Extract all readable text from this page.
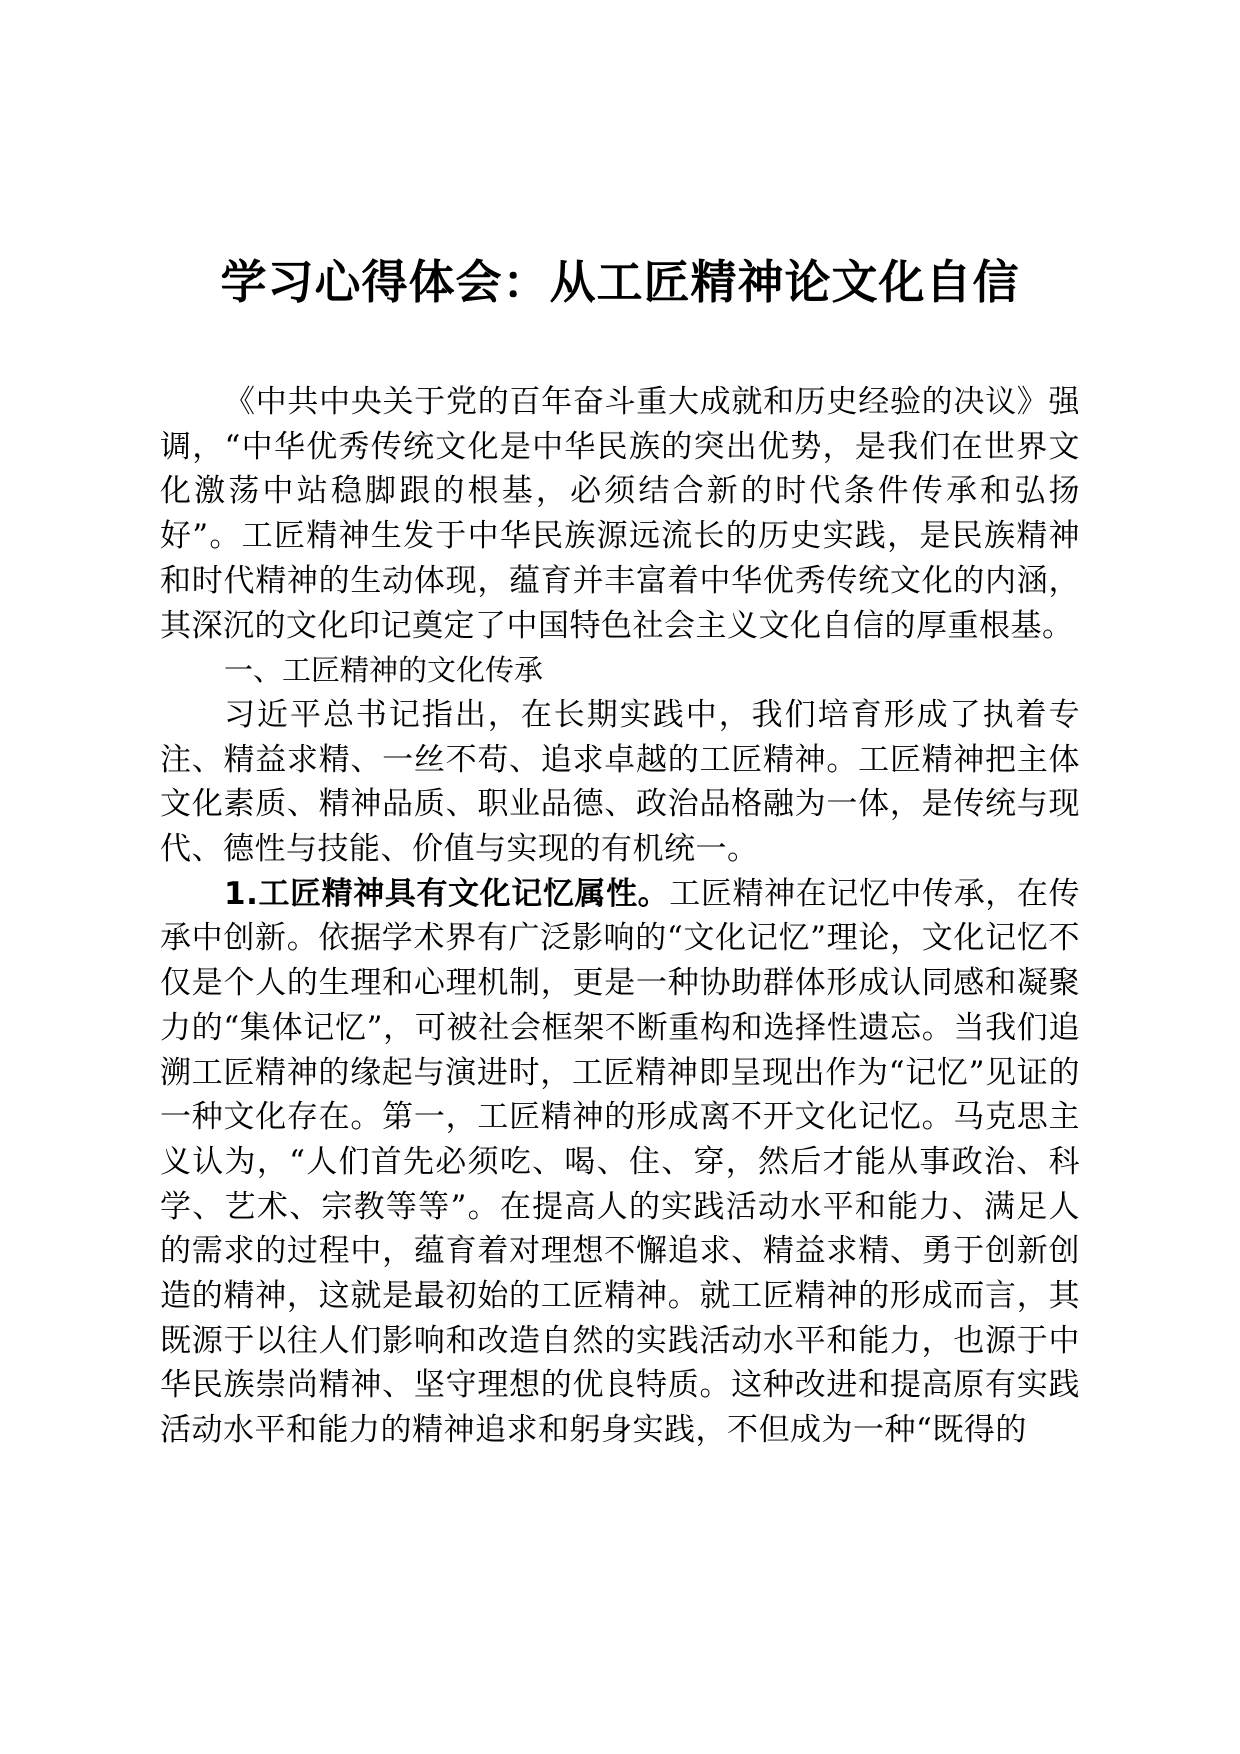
学习心得体会：从工匠精神论文化自信

《中共中央关于党的百年奋斗重大成就和历史经验的决议》强调，“中华优秀传统文化是中华民族的突出优势，是我们在世界文化激荡中站稳脚跟的根基，必须结合新的时代条件传承和弘扬好”。工匠精神生发于中华民族源远流长的历史实践，是民族精神和时代精神的生动体现，蕴育并丰富着中华优秀传统文化的内涵，其深沉的文化印记奠定了中国特色社会主义文化自信的厚重根基。

一、工匠精神的文化传承

习近平总书记指出，在长期实践中，我们培育形成了执着专注、精益求精、一丝不苟、追求卓越的工匠精神。工匠精神把主体文化素质、精神品质、职业品德、政治品格融为一体，是传统与现代、德性与技能、价值与实现的有机统一。

1.工匠精神具有文化记忆属性。工匠精神在记忆中传承，在传承中创新。依据学术界有广泛影响的“文化记忆”理论，文化记忆不仅是个人的生理和心理机制，更是一种协助群体形成认同感和凝聚力的“集体记忆”，可被社会框架不断重构和选择性遗忘。当我们追溯工匠精神的缘起与演进时，工匠精神即呈现出作为“记忆”见证的一种文化存在。第一，工匠精神的形成离不开文化记忆。马克思主义认为，“人们首先必须吃、喝、住、穿，然后才能从事政治、科学、艺术、宗教等等”。在提高人的实践活动水平和能力、满足人的需求的过程中，蕴育着对理想不懈追求、精益求精、勇于创新创造的精神，这就是最初始的工匠精神。就工匠精神的形成而言，其既源于以往人们影响和改造自然的实践活动水平和能力，也源于中华民族崇尚精神、坚守理想的优良特质。这种改进和提高原有实践活动水平和能力的精神追求和躬身实践，不但成为一种“既得的
